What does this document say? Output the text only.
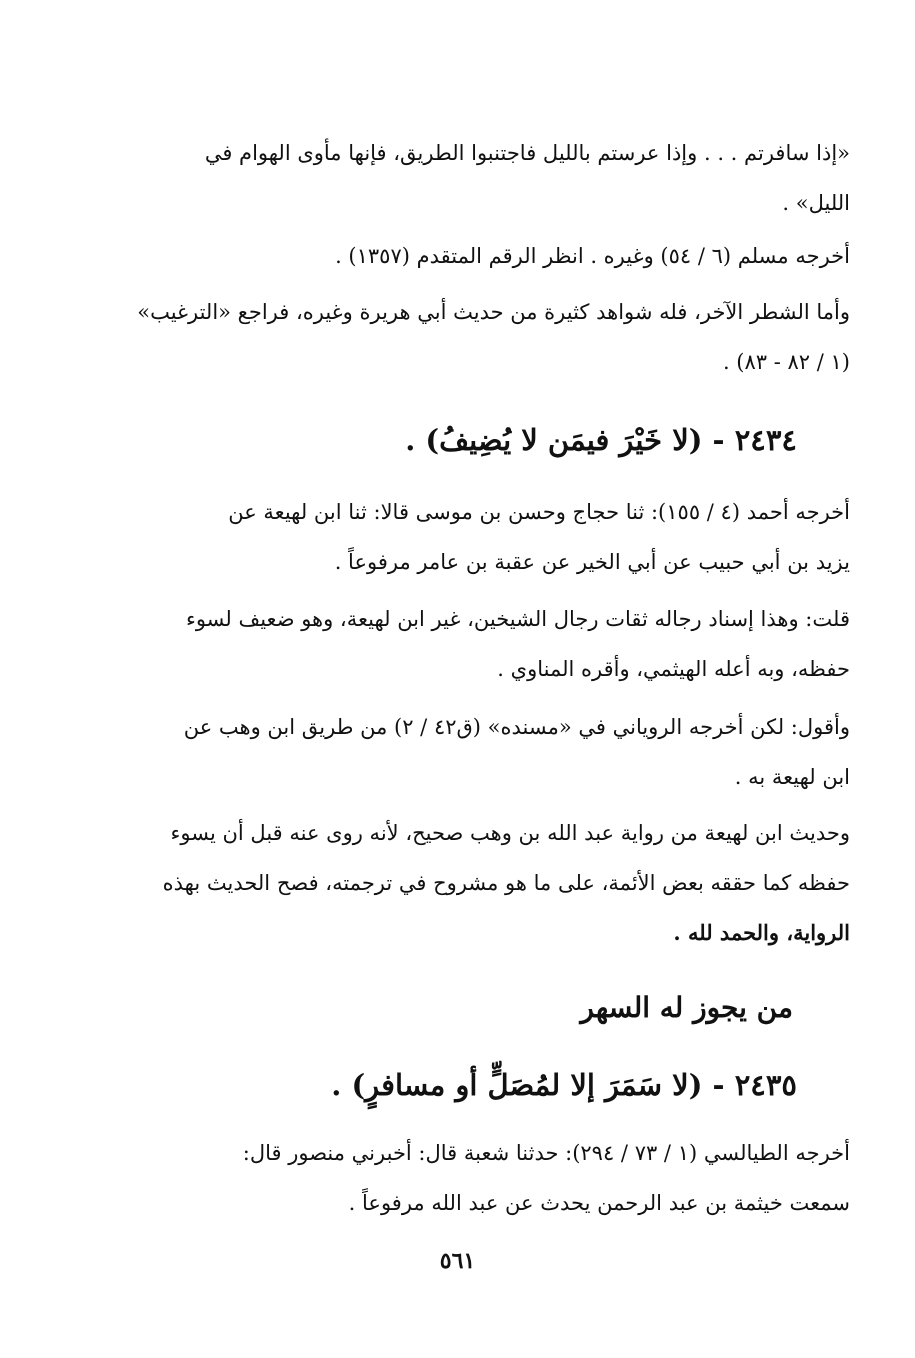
«إذا سافرتم . . . وإذا عرستم بالليل فاجتنبوا الطريق، فإنها مأوى الهوام في
الليل» .

أخرجه مسلم (٦ / ٥٤) وغيره . انظر الرقم المتقدم (١٣٥٧) .

وأما الشطر الآخر، فله شواهد كثيرة من حديث أبي هريرة وغيره، فراجع «الترغيب»
(١ / ٨٢ - ٨٣) .

٢٤٣٤ - (لا خَيْرَ فيمَن لا يُضِيفُ) .

أخرجه أحمد (٤ / ١٥٥): ثنا حجاج وحسن بن موسى قالا: ثنا ابن لهيعة عن
يزيد بن أبي حبيب عن أبي الخير عن عقبة بن عامر مرفوعاً .

قلت: وهذا إسناد رجاله ثقات رجال الشيخين، غير ابن لهيعة، وهو ضعيف لسوء
حفظه، وبه أعله الهيثمي، وأقره المناوي .

وأقول: لكن أخرجه الروياني في «مسنده» (ق٤٢ / ٢) من طريق ابن وهب عن
ابن لهيعة به .

وحديث ابن لهيعة من رواية عبد الله بن وهب صحيح، لأنه روى عنه قبل أن يسوء
حفظه كما حققه بعض الأئمة، على ما هو مشروح في ترجمته، فصح الحديث بهذه
الرواية، والحمد لله .

من يجوز له السهر
٢٤٣٥ - (لا سَمَرَ إلا لمُصَلٍّ أو مسافرٍ) .

أخرجه الطيالسي (١ / ٧٣ / ٢٩٤): حدثنا شعبة قال: أخبرني منصور قال:
سمعت خيثمة بن عبد الرحمن يحدث عن عبد الله مرفوعاً .

٥٦١
